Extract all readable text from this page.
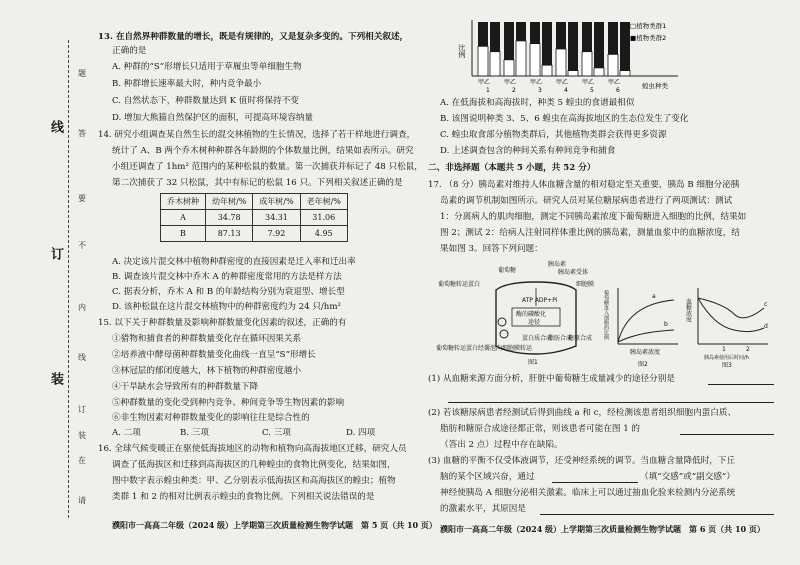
装
订
线
题
答
要
不
内
线
订
装
在
请
13. 在自然界种群数量的增长，既是有规律的，又是复杂多变的。下列相关叙述，
正确的是
A. 种群的“S”形增长只适用于草履虫等单细胞生物
B. 种群增长速率最大时，种内竞争最小
C. 自然状态下，种群数量达到 K 值时将保持不变
D. 增加大熊猫自然保护区的面积，可提高环境容纳量
14. 研究小组调查某自然生长的混交林植物的生长情况，选择了若干样地进行调查，
统计了 A、B 两个乔木树种种群各年龄期的个体数量比例，结果如表所示。研究
小组还调查了 1hm² 范围内的某种松鼠的数量。第一次捕获并标记了 48 只松鼠，
第二次捕获了 32 只松鼠，其中有标记的松鼠 16 只。下列相关叙述正确的是
乔木树种	幼年树/%	成年树/%	老年树/%
A	34.78	34.31	31.06
B	87.13	7.92	4.95
A. 决定该片混交林中植物种群密度的直接因素是迁入率和迁出率
B. 调查该片混交林中乔木 A 的种群密度常用的方法是样方法
C. 据表分析，乔木 A 和 B 的年龄结构分别为衰退型、增长型
D. 该种松鼠在这片混交林植物中的种群密度约为 24 只/hm²
15. 以下关于种群数量及影响种群数量变化因素的叙述，正确的有
①猎物和捕食者的种群数量变化存在循环因果关系
②培养液中酵母菌种群数量变化曲线一直呈“S”形增长
③林冠层的郁闭度越大，林下植物的种群密度越小
④干旱缺水会导致所有的种群数量下降
⑤种群数量的变化受到种内竞争、种间竞争等生物因素的影响
⑥非生物因素对种群数量变化的影响往往是综合性的
A. 二项	B. 三项	C. 三项	D. 四项
16. 全球气候变暖正在驱使低海拔地区的动物和植物向高海拔地区迁移，研究人员
调查了低海拔区和迁移到高海拔区的几种蝗虫的食物比例变化，结果如图，
图中数字表示蝗虫种类：甲、乙分别表示低海拔区和高海拔区的蝗虫；植物
类群 1 和 2 的相对比例表示蝗虫的食物比例。下列相关说法错误的是
濮阳市一高高二年级（2024 级）上学期第三次质量检测生物学试题　第 5 页（共 10 页）
比例
□植物类群1
■植物类群2
蝗虫种类
甲乙
1
甲乙
2
甲乙
3
甲乙
4
甲乙
5
甲乙
6
A. 在低海拔和高海拔时，种类 5 蝗虫的食谱最相似
B. 该图说明种类 3、5、6 蝗虫在高海拔地区的生态位发生了变化
C. 蝗虫取食部分植物类群后，其他植物类群会获得更多资源
D. 上述调查包含的种间关系有种间竞争和捕食
二、非选择题（本题共 5 小题，共 52 分）
17. （8 分）胰岛素对维持人体血糖含量的相对稳定至关重要，胰岛 B 细胞分泌胰
岛素的调节机制如图所示。研究人员对某位糖尿病患者进行了两项测试：测试
1：分离病人的肌肉细胞，测定不同胰岛素浓度下葡萄糖进入细胞的比例，结果如
图 2；测试 2：给病人注射同样体重比例的胰岛素，测量血浆中的血糖浓度，结
果如图 3。回答下列问题：
胰岛素
胰岛素受体
细胞膜
葡萄糖
葡萄糖转运蛋白
ATP ADP+Pi
酶的磷酸化
途径
蛋白质合成
脂肪合成
糖原合成
葡萄糖转运蛋白经囊泡向细胞膜转运
图1
a
b
葡萄糖进入细胞的比例
胰岛素浓度
图2
c
d
血糖浓度
1	2
胰岛素使用后时间/h
图3
(1) 从血糖来源方面分析，肝脏中葡萄糖生成量减少的途径分别是
(2) 若该糖尿病患者经测试后得到曲线 a 和 c，经检测该患者组织细胞内蛋白质、
脂肪和糖原合成途径都正常，则该患者可能在图 1 的
（答出 2 点）过程中存在缺陷。
(3) 血糖的平衡不仅受体液调节，还受神经系统的调节。当血糖含量降低时，下丘
脑的某个区域兴奋，通过	（填“交感”或“副交感”）
神经使胰岛 A 细胞分泌相关激素。临床上可以通过抽血化验来检测内分泌系统
的激素水平，其原因是
濮阳市一高高二年级（2024 级）上学期第三次质量检测生物学试题　第 6 页（共 10 页）
